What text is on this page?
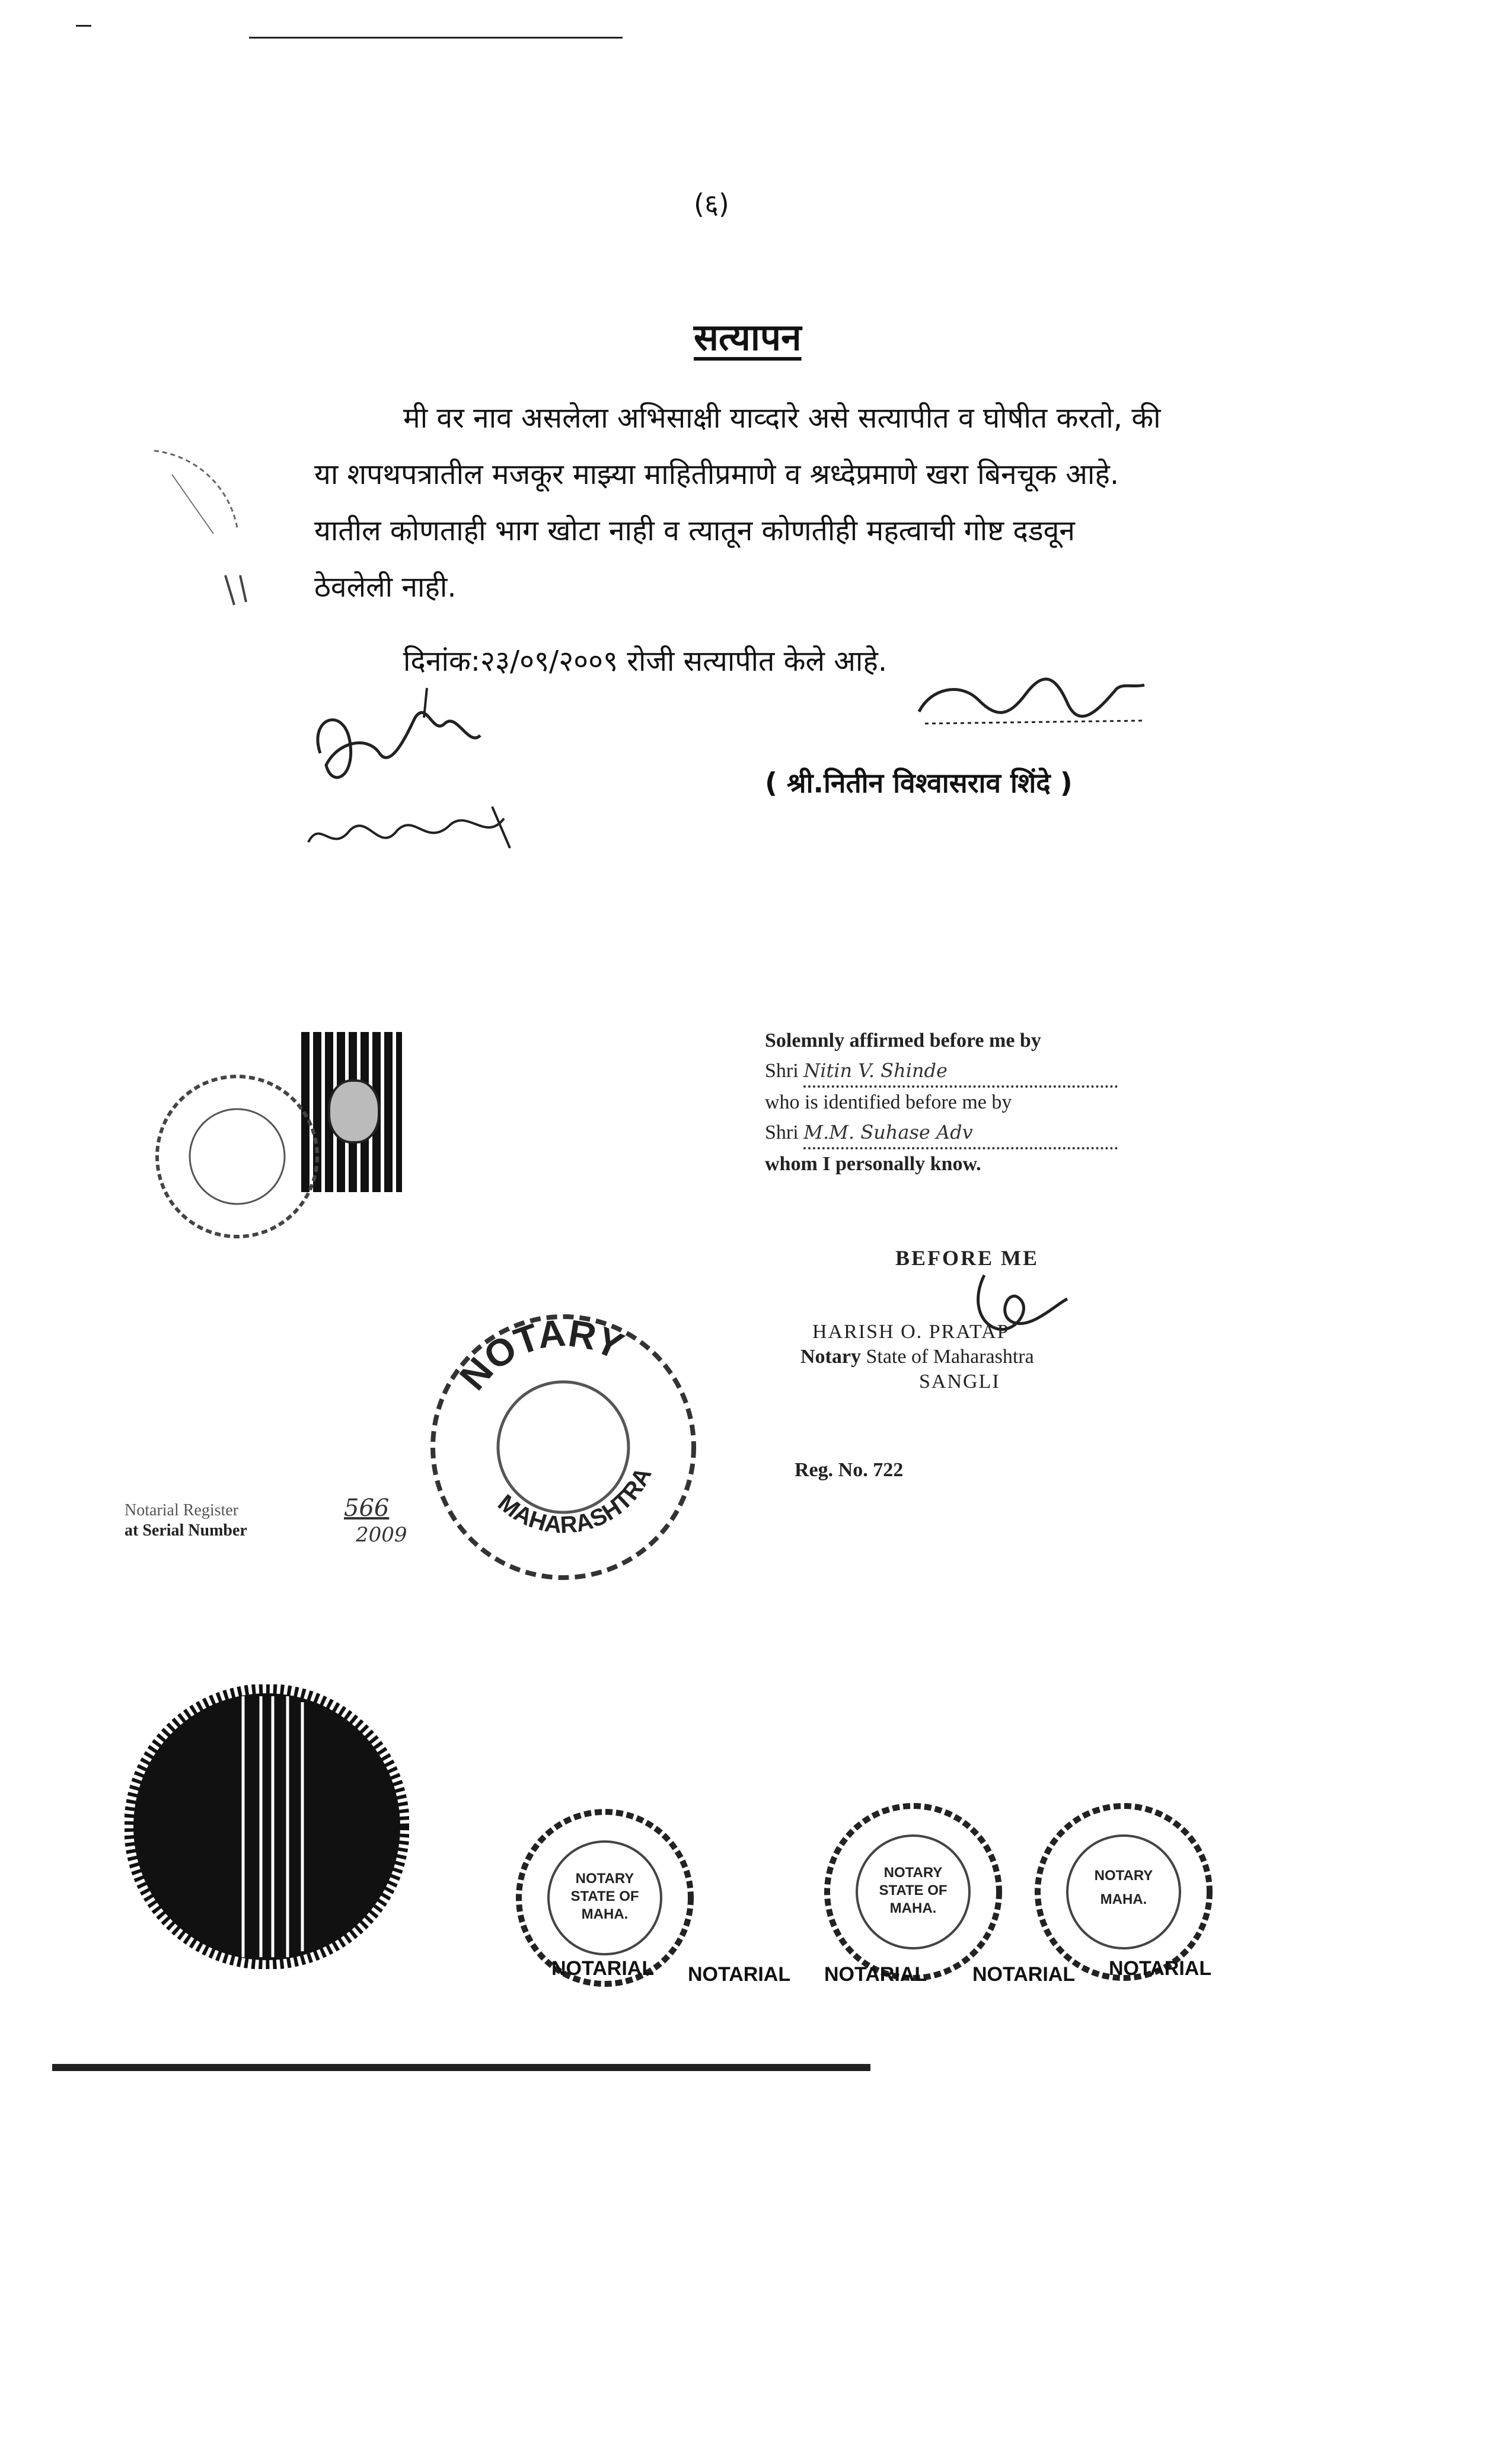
(६)
सत्यापन
मी वर नाव असलेला अभिसाक्षी याव्दारे असे सत्यापीत व घोषीत करतो, की
या शपथपत्रातील मजकूर माझ्या माहितीप्रमाणे व श्रध्देप्रमाणे खरा बिनचूक आहे.
यातील कोणताही भाग खोटा नाही व त्यातून कोणतीही महत्वाची गोष्ट दडवून
ठेवलेली नाही.
दिनांक:२३/०९/२००९ रोजी सत्यापीत केले आहे.
( श्री.नितीन विश्वासराव शिंदे )
Solemnly affirmed before me by
Shri Nitin V. Shinde
who is identified before me by
Shri M.M. Suhase Adv
whom I personally know.
BEFORE ME
HARISH O. PRATAP
Notary State of Maharashtra
SANGLI
Reg. No. 722
NOTARY
MAHARASHTRA
Notarial Register
at Serial Number
566
2009
NOTARY
STATE OF
MAHA.
NOTARY
STATE OF
MAHA.
NOTARY
MAHA.
NOTARIAL NOTARIAL NOTARIAL NOTARIAL NOTARIAL
